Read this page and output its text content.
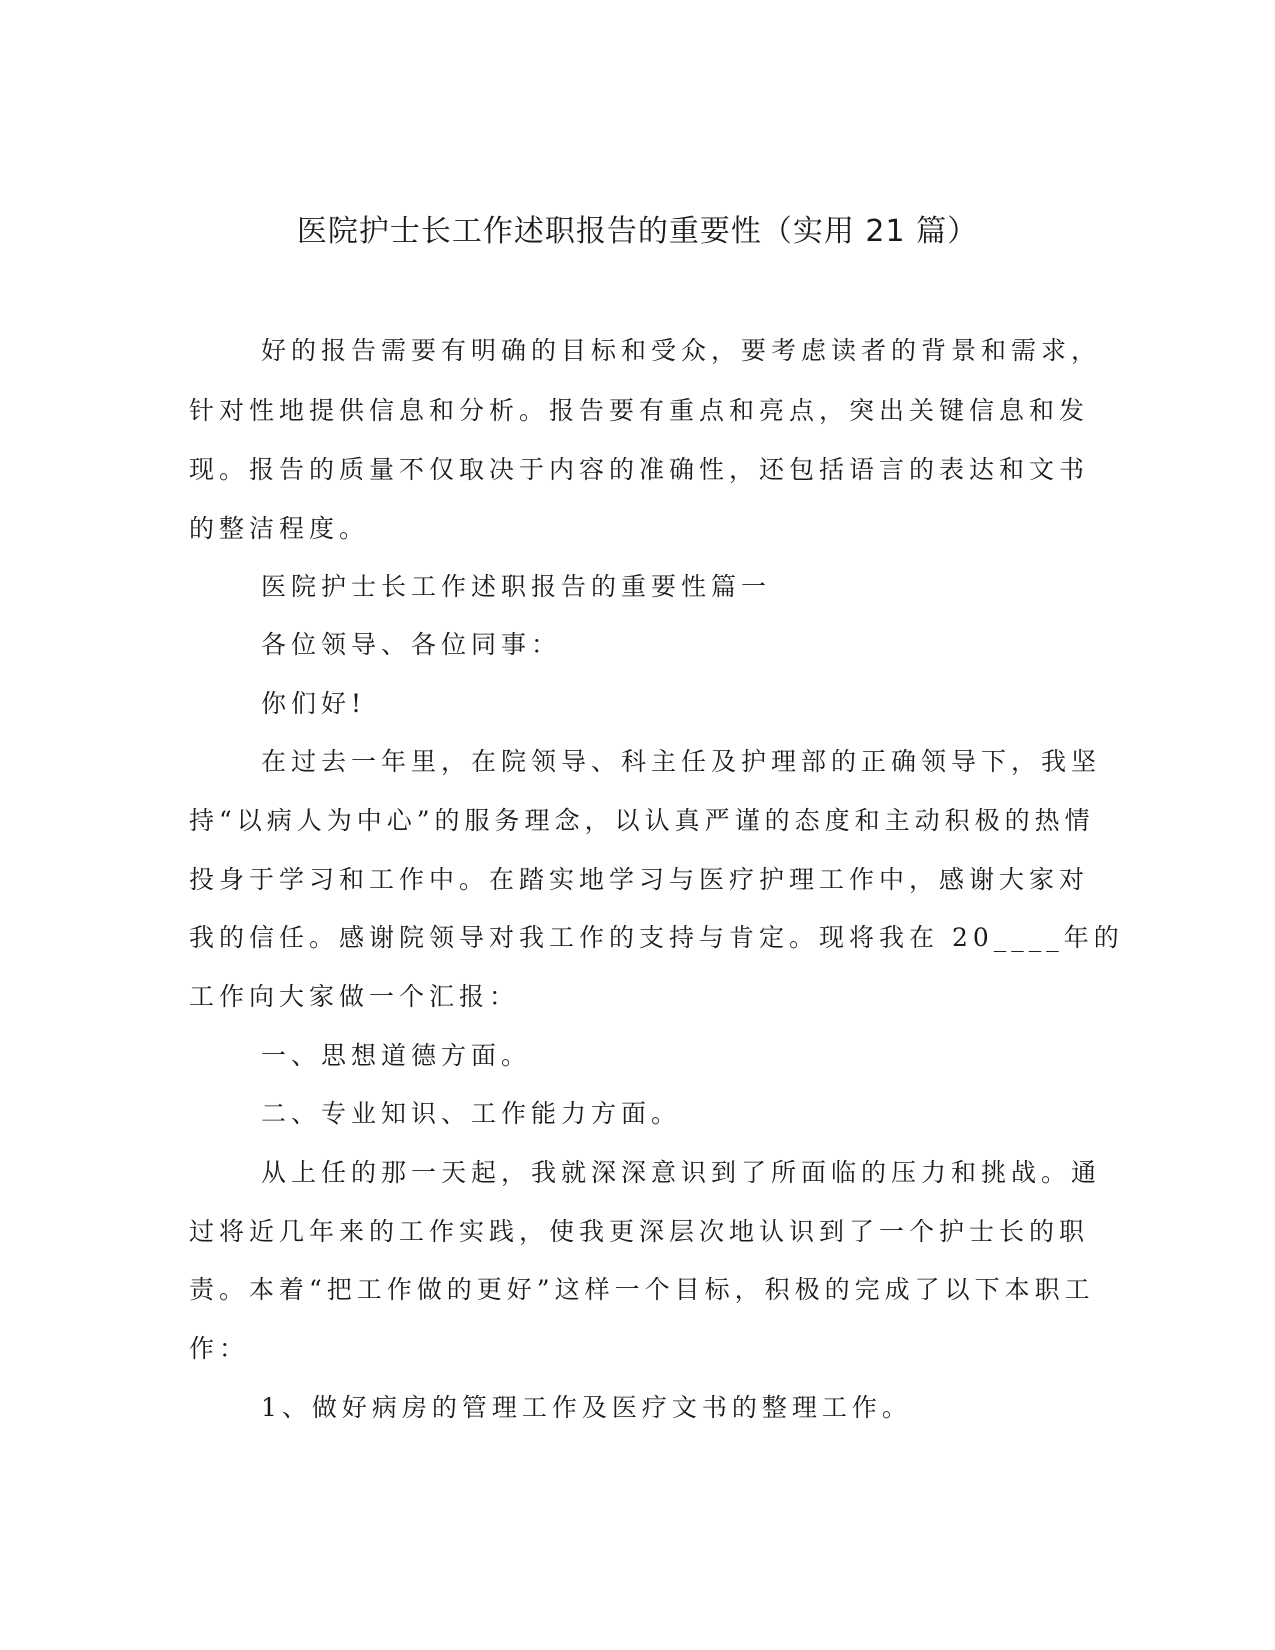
医院护士长工作述职报告的重要性（实用 21 篇）

好的报告需要有明确的目标和受众，要考虑读者的背景和需求，

针对性地提供信息和分析。报告要有重点和亮点，突出关键信息和发

现。报告的质量不仅取决于内容的准确性，还包括语言的表达和文书

的整洁程度。

医院护士长工作述职报告的重要性篇一

各位领导、各位同事：

你们好!

在过去一年里，在院领导、科主任及护理部的正确领导下，我坚

持“以病人为中心”的服务理念，以认真严谨的态度和主动积极的热情

投身于学习和工作中。在踏实地学习与医疗护理工作中，感谢大家对

我的信任。感谢院领导对我工作的支持与肯定。现将我在 20____年的

工作向大家做一个汇报：

一、思想道德方面。

二、专业知识、工作能力方面。

从上任的那一天起，我就深深意识到了所面临的压力和挑战。通

过将近几年来的工作实践，使我更深层次地认识到了一个护士长的职

责。本着“把工作做的更好”这样一个目标，积极的完成了以下本职工

作：

1、做好病房的管理工作及医疗文书的整理工作。
